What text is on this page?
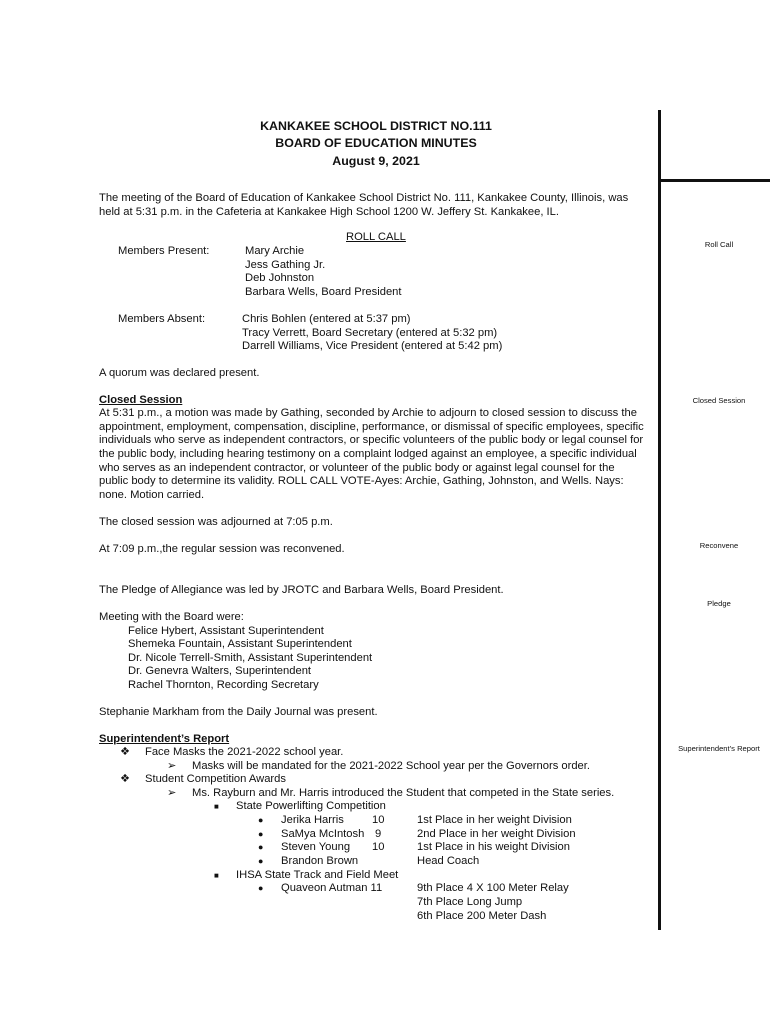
KANKAKEE SCHOOL DISTRICT NO.111
BOARD OF EDUCATION MINUTES
August 9, 2021
The meeting of the Board of Education of Kankakee School District No. 111, Kankakee County, Illinois, was
held at 5:31 p.m. in the Cafeteria at Kankakee High School 1200 W. Jeffery St. Kankakee, IL.
ROLL CALL
Members Present:	Mary Archie
Jess Gathing Jr.
Deb Johnston
Barbara Wells, Board President
Members Absent:	Chris Bohlen (entered at 5:37 pm)
Tracy Verrett, Board Secretary (entered at 5:32 pm)
Darrell Williams, Vice President (entered at 5:42 pm)
A quorum was declared present.
Closed Session
At 5:31 p.m., a motion was made by Gathing, seconded by Archie to adjourn to closed session to discuss the
appointment, employment, compensation, discipline, performance, or dismissal of specific employees, specific
individuals who serve as independent contractors, or specific volunteers of the public body or legal counsel for
the public body, including hearing testimony on a complaint lodged against an employee, a specific individual
who serves as an independent contractor, or volunteer of the public body or against legal counsel for the
public body to determine its validity. ROLL CALL VOTE-Ayes: Archie, Gathing, Johnston, and Wells. Nays:
none. Motion carried.
The closed session was adjourned at 7:05 p.m.
At 7:09 p.m.,the regular session was reconvened.
The Pledge of Allegiance was led by JROTC and Barbara Wells, Board President.
Meeting with the Board were:
Felice Hybert, Assistant Superintendent
Shemeka Fountain, Assistant Superintendent
Dr. Nicole Terrell-Smith, Assistant Superintendent
Dr. Genevra Walters, Superintendent
Rachel Thornton, Recording Secretary
Stephanie Markham from the Daily Journal was present.
Superintendent’s Report
❖ Face Masks the 2021-2022 school year.
➢ Masks will be mandated for the 2021-2022 School year per the Governors order.
❖ Student Competition Awards
➢ Ms. Rayburn and Mr. Harris introduced the Student that competed in the State series.
■ State Powerlifting Competition
● Jerika Harris	10	1st Place in her weight Division
● SaMya McIntosh 9	2nd Place in her weight Division
● Steven Young 10	1st Place in his weight Division
● Brandon Brown	Head Coach
■ IHSA State Track and Field Meet
● Quaveon Autman 11	9th Place 4 X 100 Meter Relay
7th Place Long Jump
6th Place 200 Meter Dash
Roll Call
Closed Session
Reconvene
Pledge
Superintendent’s Report
